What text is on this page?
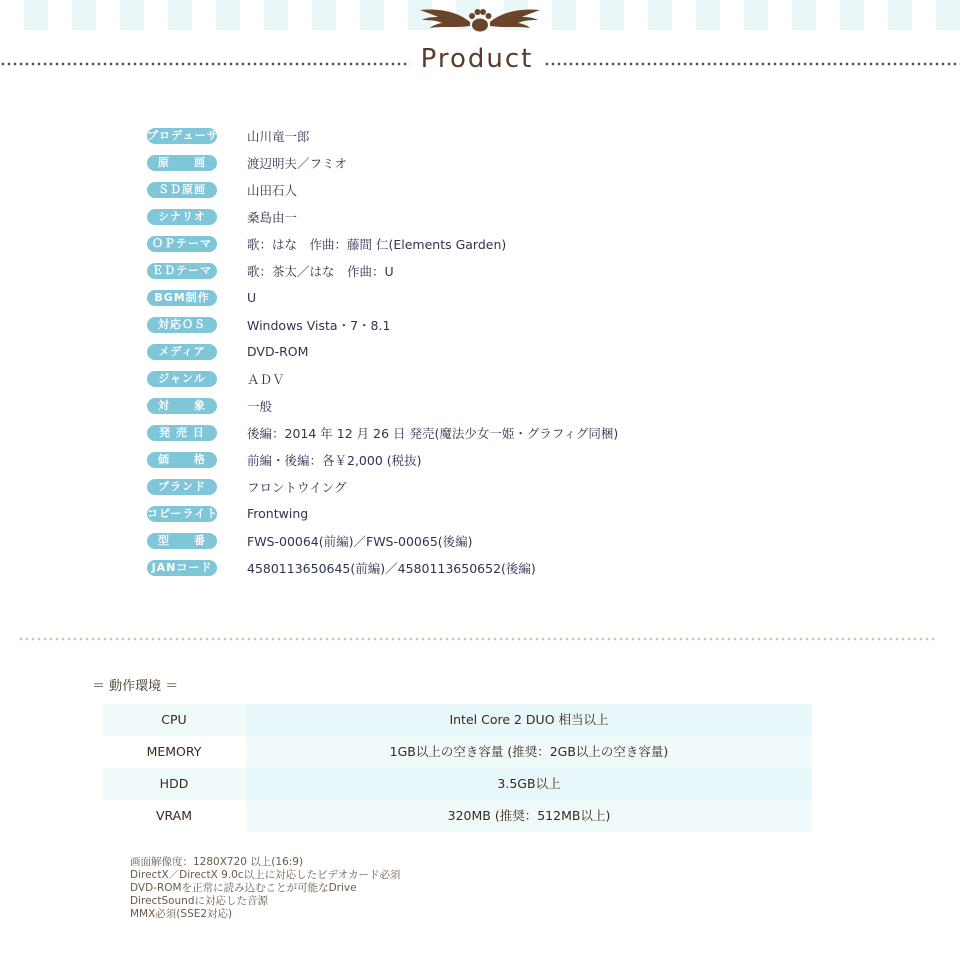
Product
プロデューサー 山川竜一郎
原　　画	渡辺明夫／フミオ
ＳＤ原画	山田石人
シナリオ	桑島由一
ＯＰテーマ	歌：はな　作曲：藤間 仁(Elements Garden)
ＥＤテーマ	歌：茶太／はな　作曲：U
BGM制作	U
対応ＯＳ	Windows Vista・7・8.1
メディア	DVD-ROM
ジャンル	ＡＤＶ
対　　象	一般
発 売 日	後編：2014 年 12 月 26 日 発売(魔法少女一姫・グラフィグ同梱)
価　　格	前編・後編：各￥2,000 (税抜)
ブランド	フロントウイング
コピーライト Frontwing
型　　番	FWS-00064(前編)／FWS-00065(後編)
JANコード	4580113650645(前編)／4580113650652(後編)
＝ 動作環境 ＝
CPU	Intel Core 2 DUO 相当以上
MEMORY	1GB以上の空き容量 (推奨：2GB以上の空き容量)
HDD	3.5GB以上
VRAM	320MB (推奨：512MB以上)
画面解像度：1280X720 以上(16:9)
DirectX／DirectX 9.0c以上に対応したビデオカード必須
DVD-ROMを正常に読み込むことが可能なDrive
DirectSoundに対応した音源
MMX必須(SSE2対応)
